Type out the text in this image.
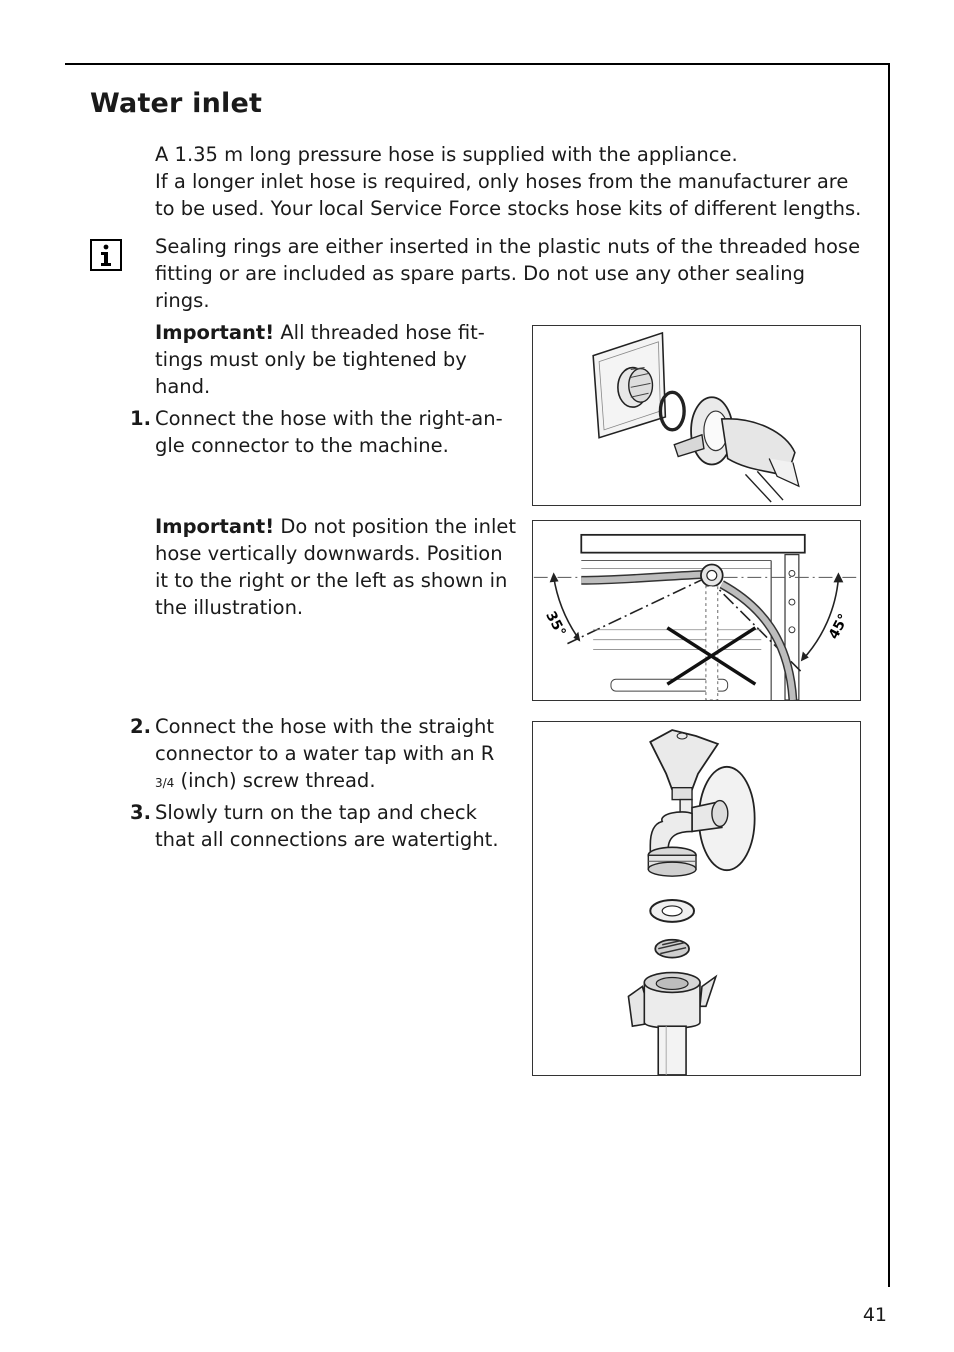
Water inlet

A 1.35 m long pressure hose is supplied with the appliance.

If a longer inlet hose is required, only hoses from the manufacturer are

to be used. Your local Service Force stocks hose kits of different lengths.

Sealing rings are either inserted in the plastic nuts of the threaded hose

fitting or are included as spare parts. Do not use any other sealing

rings.

Important! All threaded hose fit-

tings must only be tightened by

hand.

1. Connect the hose with the right-an-

gle connector to the machine.

Important! Do not position the inlet

hose vertically downwards. Position

it to the right or the left as shown in

the illustration.

2. Connect the hose with the straight

connector to a water tap with an R

3/4 (inch) screw thread.

3. Slowly turn on the tap and check

that all connections are watertight.

35°	45°
41
